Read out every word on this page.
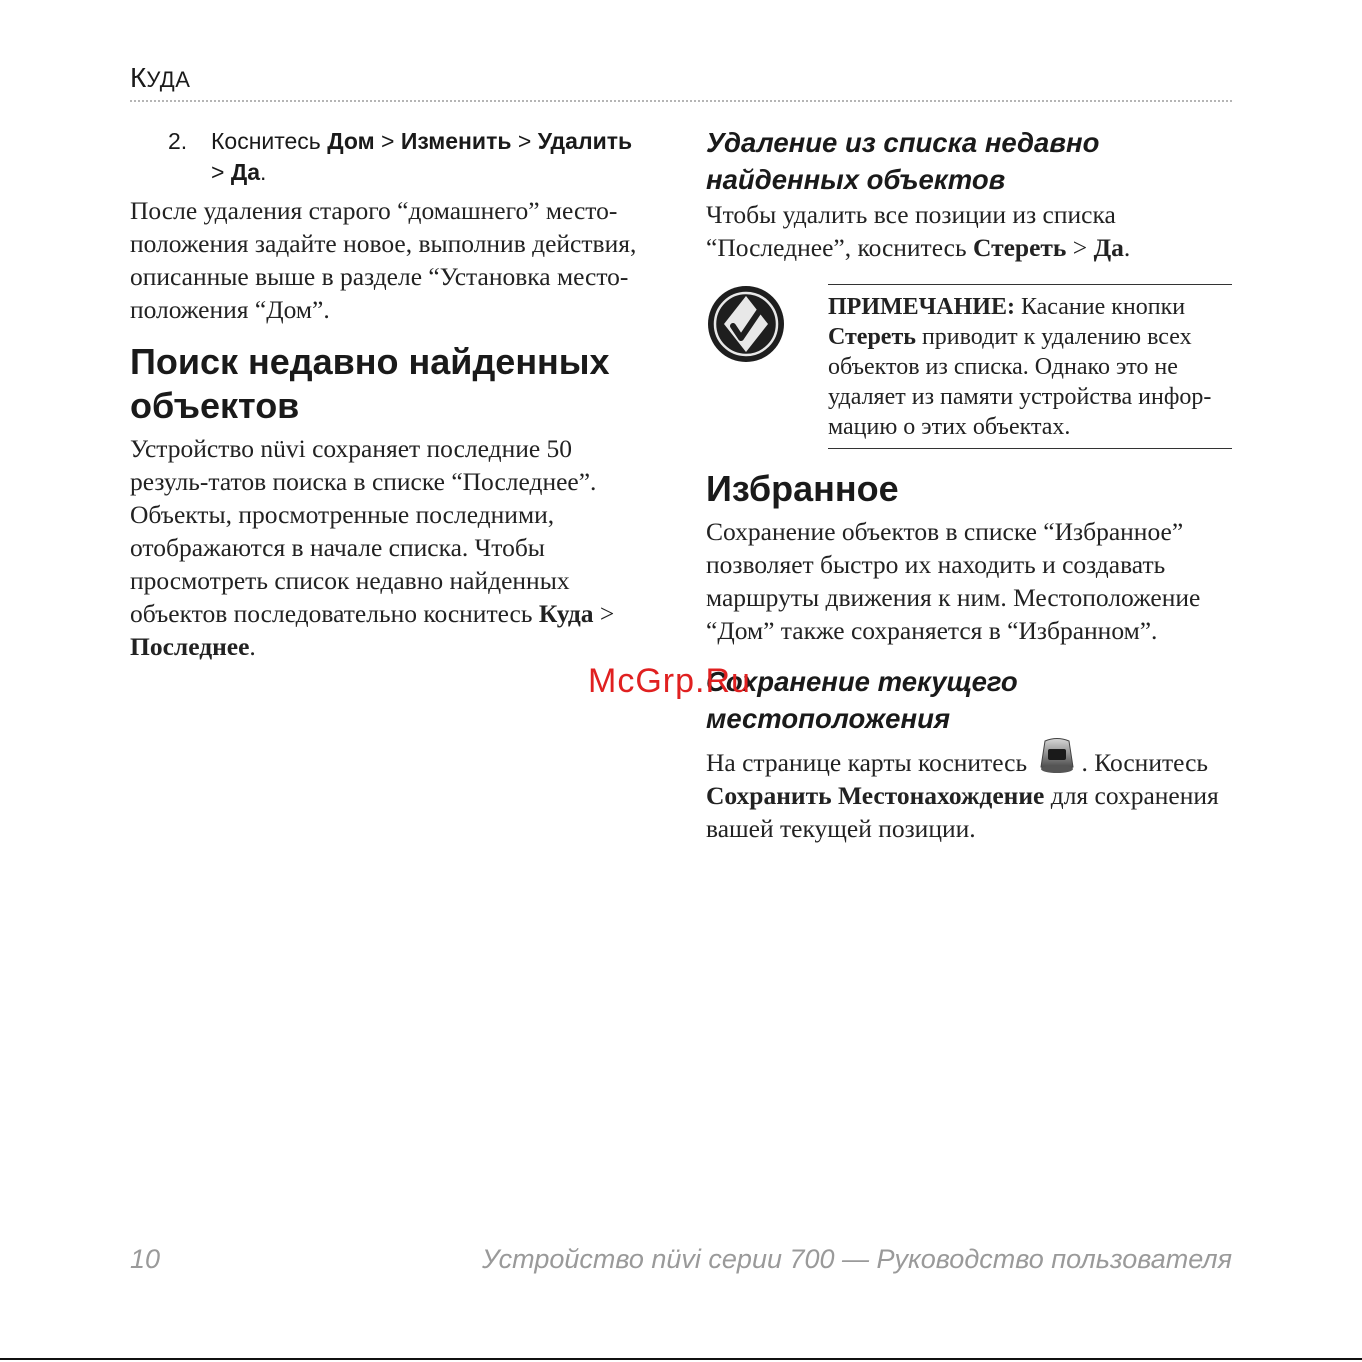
КУДА
2.	Коснитесь Дом > Изменить > Удалить > Да.

После удаления старого “домашнего” место-положения задайте новое, выполнив действия, описанные выше в разделе “Установка место-положения “Дом”.

Поиск недавно найденных объектов

Устройство nüvi сохраняет последние 50 резуль-татов поиска в списке “Последнее”. Объекты, просмотренные последними, отображаются в начале списка. Чтобы просмотреть список недавно найденных объектов последовательно коснитесь Куда > Последнее.

Удаление из списка недавно найденных объектов

Чтобы удалить все позиции из списка “Последнее”, коснитесь Стереть > Да.

ПРИМЕЧАНИЕ: Касание кнопки Стереть приводит к удалению всех объектов из списка. Однако это не удаляет из памяти устройства инфор-мацию о этих объектах.
Избранное

Сохранение объектов в списке “Избранное” позволяет быстро их находить и создавать маршруты движения к ним. Местоположение “Дом” также сохраняется в “Избранном”.

Сохранение текущего местоположения

На странице карты коснитесь . Коснитесь Сохранить Местонахождение для сохранения вашей текущей позиции.

McGrp.Ru
10	Устройство nüvi серии 700 — Руководство пользователя
